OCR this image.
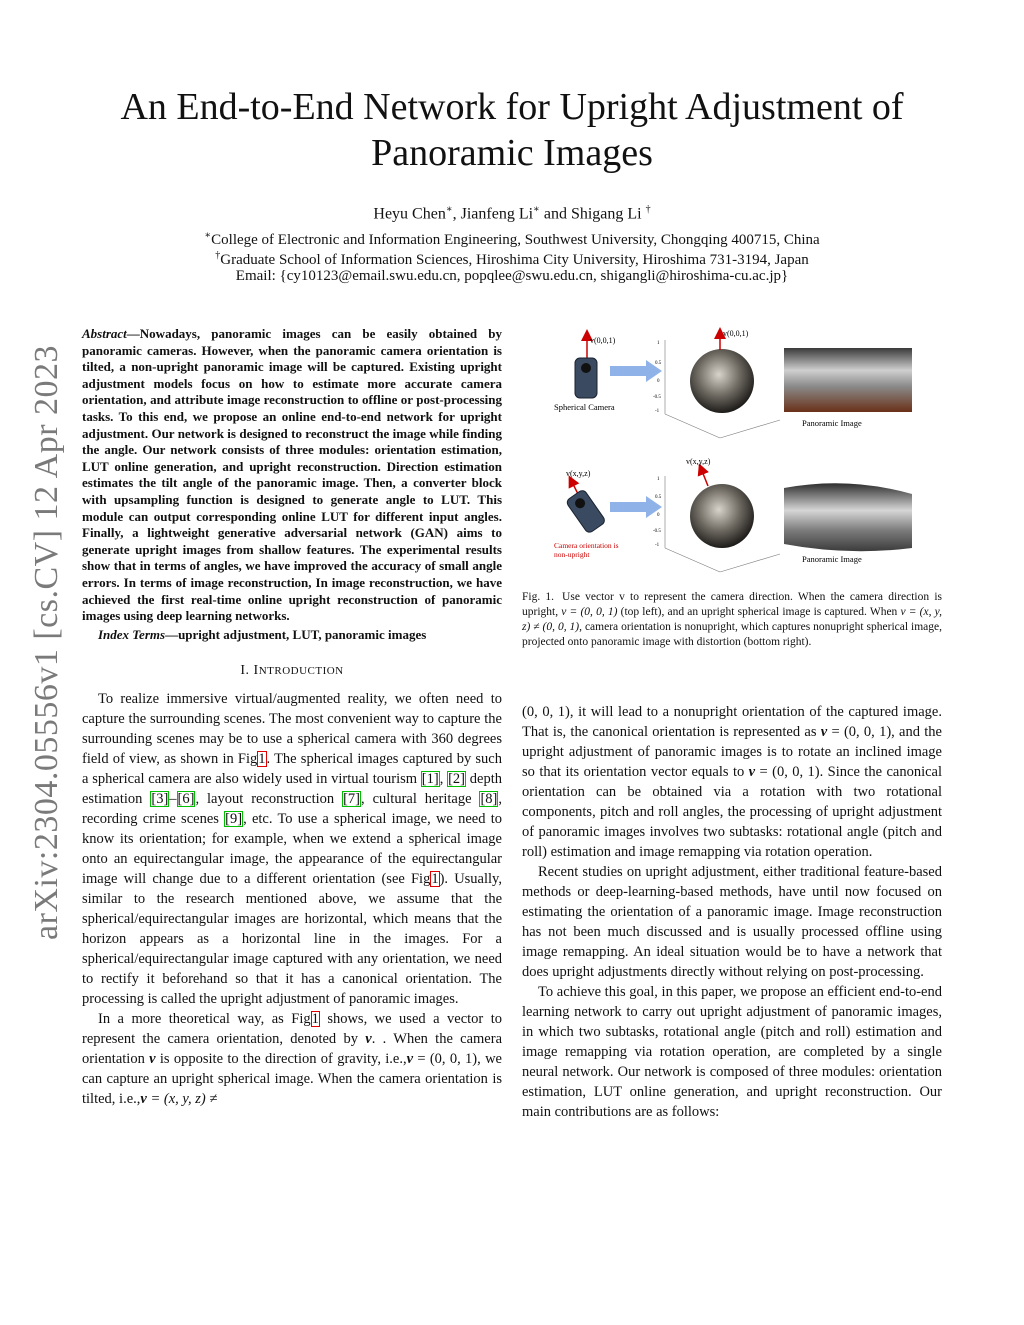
arXiv:2304.05556v1 [cs.CV] 12 Apr 2023
An End-to-End Network for Upright Adjustment of Panoramic Images
Heyu Chen∗, Jianfeng Li∗ and Shigang Li †
∗College of Electronic and Information Engineering, Southwest University, Chongqing 400715, China
†Graduate School of Information Sciences, Hiroshima City University, Hiroshima 731-3194, Japan
Email: {cy10123@email.swu.edu.cn, popqlee@swu.edu.cn, shigangli@hiroshima-cu.ac.jp}

Abstract—Nowadays, panoramic images can be easily obtained by panoramic cameras. However, when the panoramic camera orientation is tilted, a non-upright panoramic image will be captured. Existing upright adjustment models focus on how to estimate more accurate camera orientation, and attribute image reconstruction to offline or post-processing tasks. To this end, we propose an online end-to-end network for upright adjustment. Our network is designed to reconstruct the image while finding the angle. Our network consists of three modules: orientation estimation, LUT online generation, and upright reconstruction. Direction estimation estimates the tilt angle of the panoramic image. Then, a converter block with upsampling function is designed to generate angle to LUT. This module can output corresponding online LUT for different input angles. Finally, a lightweight generative adversarial network (GAN) aims to generate upright images from shallow features. The experimental results show that in terms of angles, we have improved the accuracy of small angle errors. In terms of image reconstruction, In image reconstruction, we have achieved the first real-time online upright reconstruction of panoramic images using deep learning networks.

Index Terms—upright adjustment, LUT, panoramic images

I. INTRODUCTION

To realize immersive virtual/augmented reality, we often need to capture the surrounding scenes. The most convenient way to capture the surrounding scenes may be to use a spherical camera with 360 degrees field of view, as shown in Fig1. The spherical images captured by such a spherical camera are also widely used in virtual tourism [1], [2] depth estimation [3]–[6], layout reconstruction [7], cultural heritage [8], recording crime scenes [9], etc. To use a spherical image, we need to know its orientation; for example, when we extend a spherical image onto an equirectangular image, the appearance of the equirectangular image will change due to a different orientation (see Fig1). Usually, similar to the research mentioned above, we assume that the spherical/equirectangular images are horizontal, which means that the horizon appears as a horizontal line in the images. For a spherical/equirectangular image captured with any orientation, we need to rectify it beforehand so that it has a canonical orientation. The processing is called the upright adjustment of panoramic images.

In a more theoretical way, as Fig1 shows, we used a vector to represent the camera orientation, denoted by v. . When the camera orientation v is opposite to the direction of gravity, i.e.,v = (0, 0, 1), we can capture an upright spherical image. When the camera orientation is tilted, i.e.,v = (x, y, z) ≠

v(0,0,1)
Spherical Camera
1
0.5
0
-0.5
-1
v(0,0,1)
Panoramic Image
v(x,y,z)
Camera orientation is
non-upright
1
0.5
0
-0.5
-1
v(x,y,z)
Panoramic Image
Fig. 1. Use vector v to represent the camera direction. When the camera direction is upright, v = (0, 0, 1) (top left), and an upright spherical image is captured. When v = (x, y, z) ≠ (0, 0, 1), camera orientation is nonupright, which captures nonupright spherical image, projected onto panoramic image with distortion (bottom right).

(0, 0, 1), it will lead to a nonupright orientation of the captured image. That is, the canonical orientation is represented as v = (0, 0, 1), and the upright adjustment of panoramic images is to rotate an inclined image so that its orientation vector equals to v = (0, 0, 1). Since the canonical orientation can be obtained via a rotation with two rotational components, pitch and roll angles, the processing of upright adjustment of panoramic images involves two subtasks: rotational angle (pitch and roll) estimation and image remapping via rotation operation.

Recent studies on upright adjustment, either traditional feature-based methods or deep-learning-based methods, have until now focused on estimating the orientation of a panoramic image. Image reconstruction has not been much discussed and is usually processed offline using image remapping. An ideal situation would be to have a network that does upright adjustments directly without relying on post-processing.

To achieve this goal, in this paper, we propose an efficient end-to-end learning network to carry out upright adjustment of panoramic images, in which two subtasks, rotational angle (pitch and roll) estimation and image remapping via rotation operation, are completed by a single neural network. Our network is composed of three modules: orientation estimation, LUT online generation, and upright reconstruction. Our main contributions are as follows:
